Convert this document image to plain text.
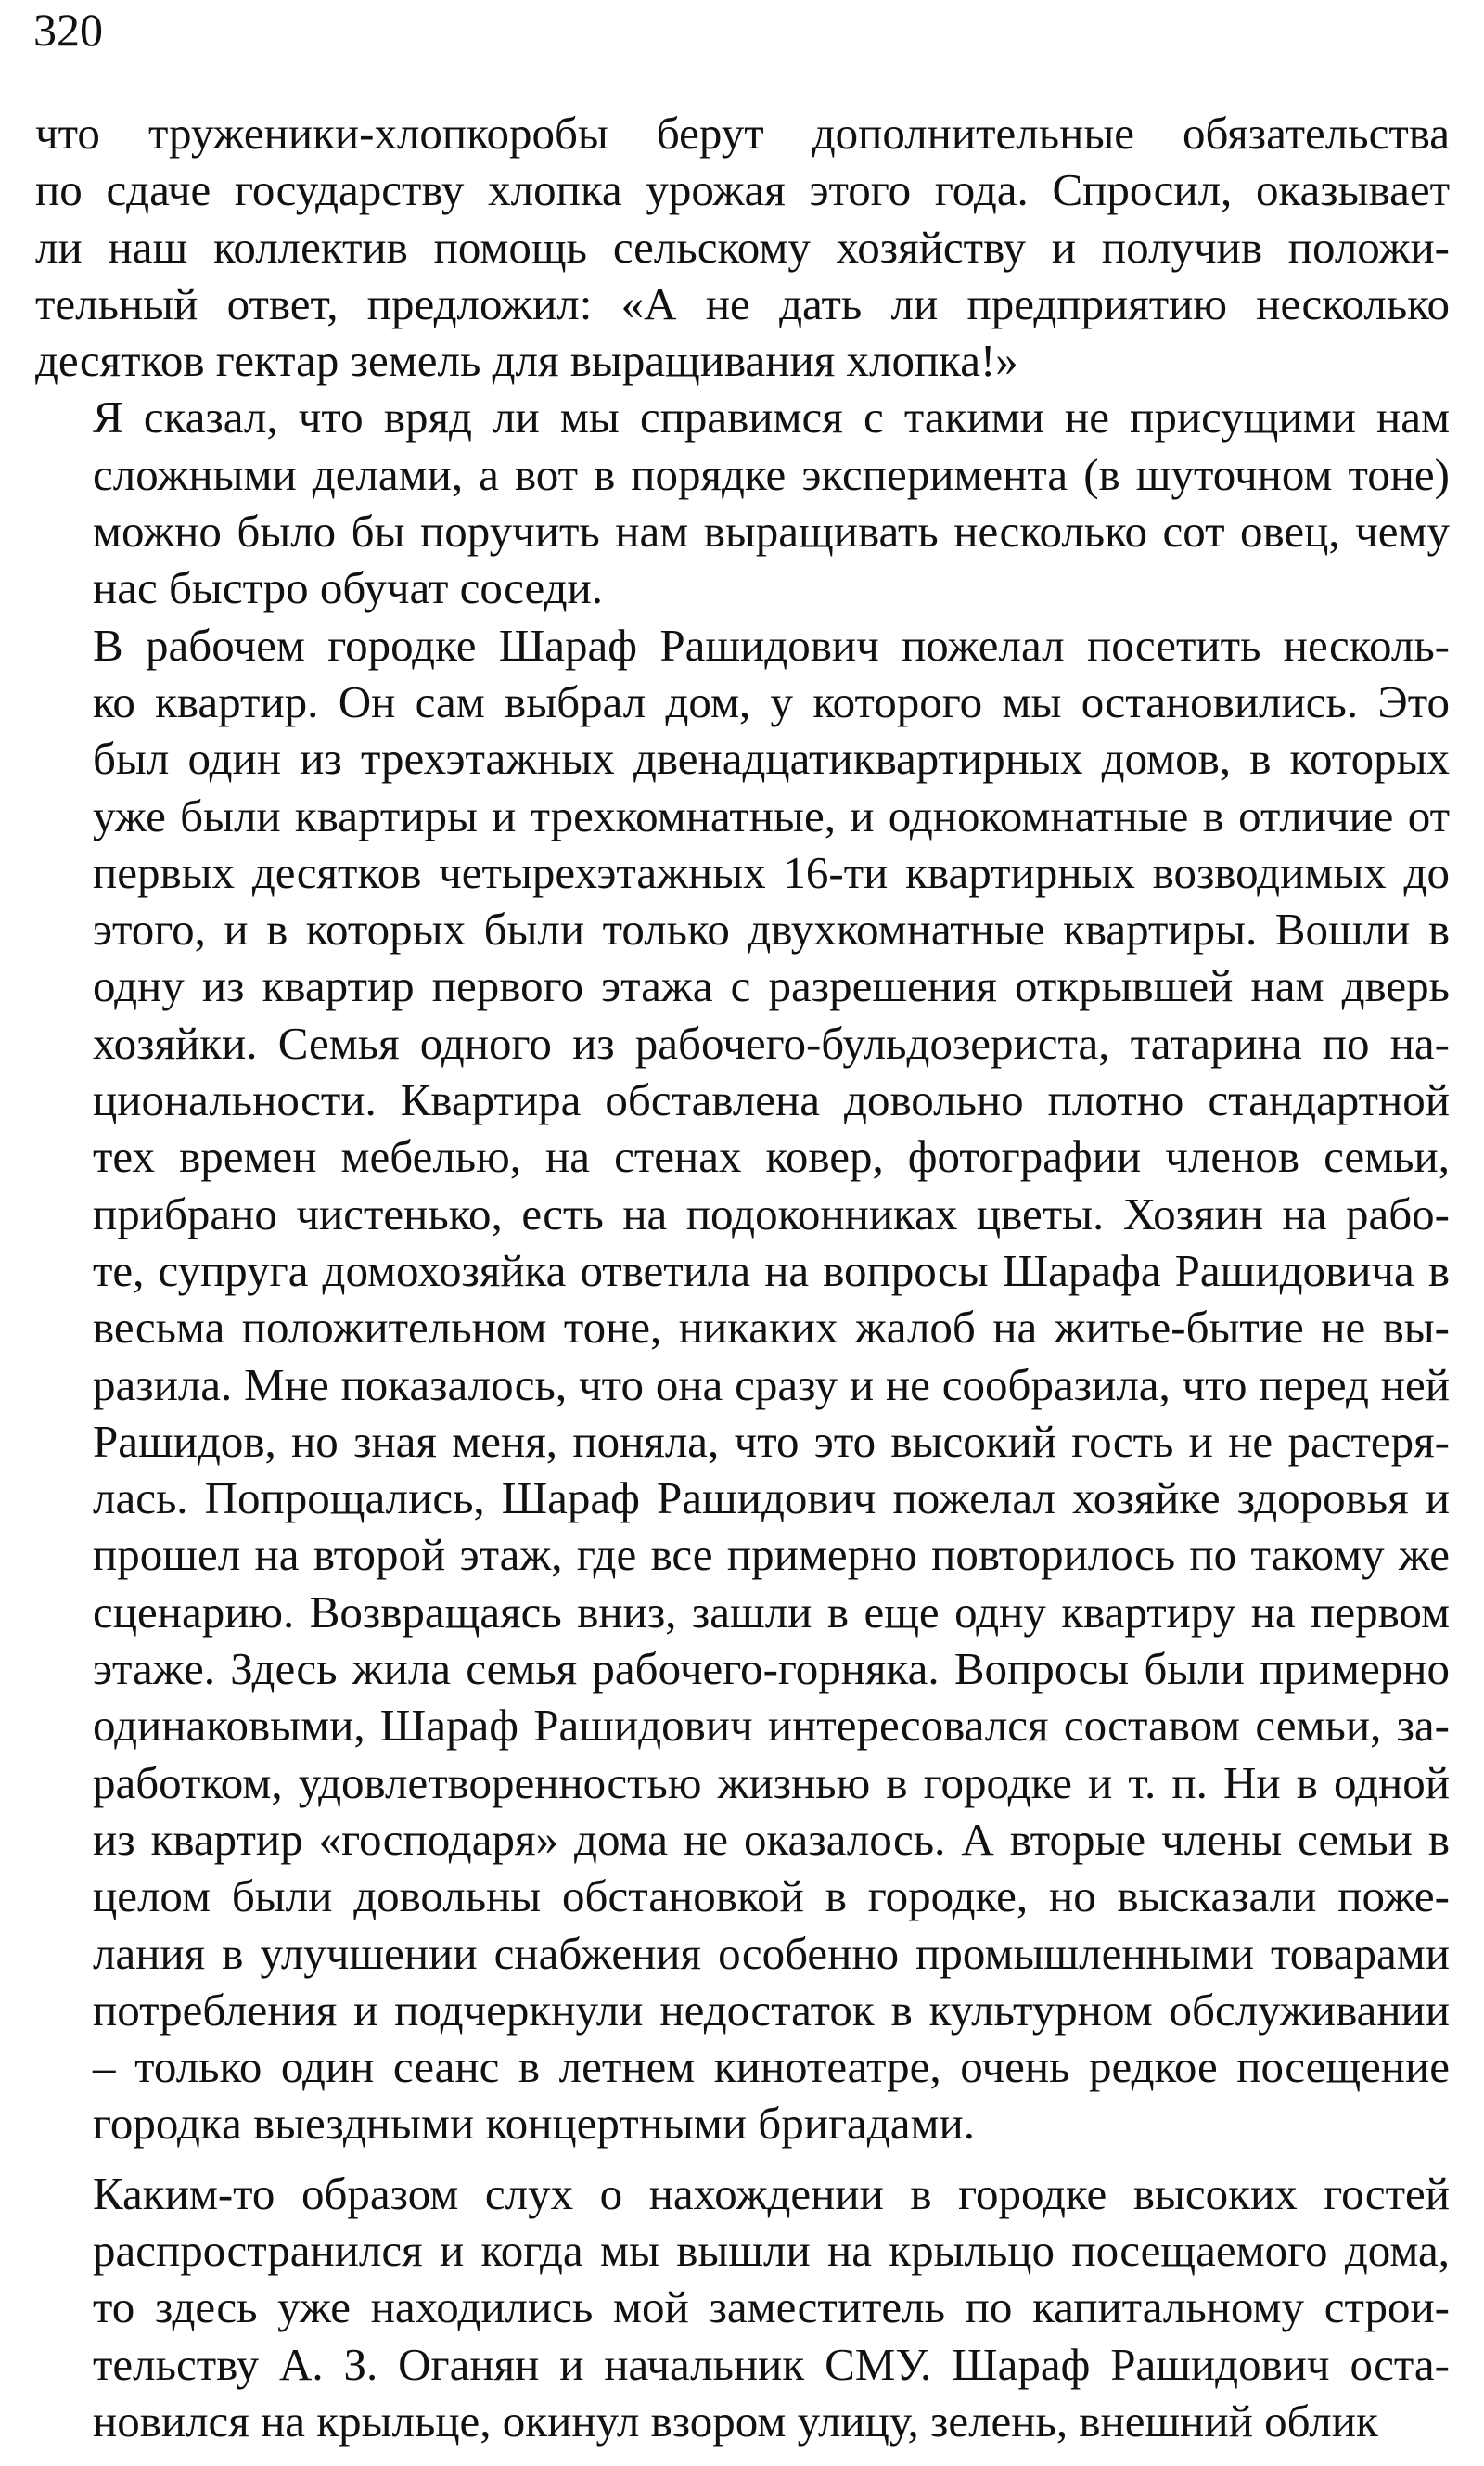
320
что труженики-хлопкоробы берут дополнительные обязательства
по сдаче государству хлопка урожая этого года. Спросил, оказывает
ли наш коллектив помощь сельскому хозяйству и получив положи-
тельный ответ, предложил: «А не дать ли предприятию несколько
десятков гектар земель для выращивания хлопка!»
Я сказал, что вряд ли мы справимся с такими не присущими нам
сложными делами, а вот в порядке эксперимента (в шуточном тоне)
можно было бы поручить нам выращивать несколько сот овец, чему
нас быстро обучат соседи.
В рабочем городке Шараф Рашидович пожелал посетить несколь-
ко квартир. Он сам выбрал дом, у которого мы остановились. Это
был один из трехэтажных двенадцатиквартирных домов, в которых
уже были квартиры и трехкомнатные, и однокомнатные в отличие от
первых десятков четырехэтажных 16-ти квартирных возводимых до
этого, и в которых были только двухкомнатные квартиры. Вошли в
одну из квартир первого этажа с разрешения открывшей нам дверь
хозяйки. Семья одного из рабочего-бульдозериста, татарина по на-
циональности. Квартира обставлена довольно плотно стандартной
тех времен мебелью, на стенах ковер, фотографии членов семьи,
прибрано чистенько, есть на подоконниках цветы. Хозяин на рабо-
те, супруга домохозяйка ответила на вопросы Шарафа Рашидовича в
весьма положительном тоне, никаких жалоб на житье-бытие не вы-
разила. Мне показалось, что она сразу и не сообразила, что перед ней
Рашидов, но зная меня, поняла, что это высокий гость и не растеря-
лась. Попрощались, Шараф Рашидович пожелал хозяйке здоровья и
прошел на второй этаж, где все примерно повторилось по такому же
сценарию. Возвращаясь вниз, зашли в еще одну квартиру на первом
этаже. Здесь жила семья рабочего-горняка. Вопросы были примерно
одинаковыми, Шараф Рашидович интересовался составом семьи, за-
работком, удовлетворенностью жизнью в городке и т. п. Ни в одной
из квартир «господаря» дома не оказалось. А вторые члены семьи в
целом были довольны обстановкой в городке, но высказали поже-
лания в улучшении снабжения особенно промышленными товарами
потребления и подчеркнули недостаток в культурном обслуживании
– только один сеанс в летнем кинотеатре, очень редкое посещение
городка выездными концертными бригадами.
Каким-то образом слух о нахождении в городке высоких гостей
распространился и когда мы вышли на крыльцо посещаемого дома,
то здесь уже находились мой заместитель по капитальному строи-
тельству А. З. Оганян и начальник СМУ. Шараф Рашидович оста-
новился на крыльце, окинул взором улицу, зелень, внешний облик
